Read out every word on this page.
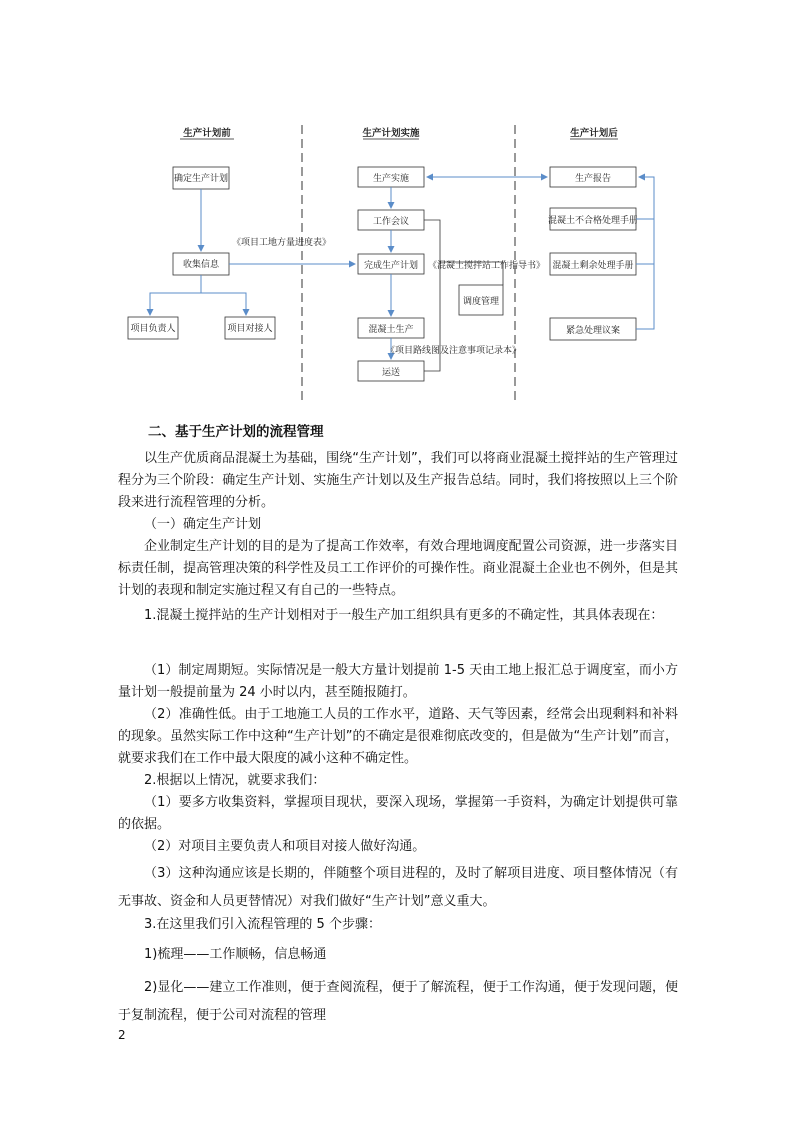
生产计划前	生产计划实施	生产计划后
确定生产计划
收集信息
项目负责人	项目对接人
《项目工地方量进度表》
生产实施
工作会议
完成生产计划
调度管理
混凝土生产
运送
《项目路线图及注意事项记录本》
《混凝土搅拌站工作指导书》
生产报告
混凝土不合格处理手册
混凝土剩余处理手册
紧急处理议案

二、基于生产计划的流程管理

以生产优质商品混凝土为基础，围绕“生产计划”，我们可以将商业混凝土搅拌站的生产管理过程分为三个阶段：确定生产计划、实施生产计划以及生产报告总结。同时，我们将按照以上三个阶段来进行流程管理的分析。

（一）确定生产计划

企业制定生产计划的目的是为了提高工作效率，有效合理地调度配置公司资源，进一步落实目标责任制，提高管理决策的科学性及员工工作评价的可操作性。商业混凝土企业也不例外，但是其计划的表现和制定实施过程又有自己的一些特点。

1.混凝土搅拌站的生产计划相对于一般生产加工组织具有更多的不确定性，其具体表现在：

（1）制定周期短。实际情况是一般大方量计划提前 1-5 天由工地上报汇总于调度室，而小方量计划一般提前量为 24 小时以内，甚至随报随打。

（2）准确性低。由于工地施工人员的工作水平，道路、天气等因素，经常会出现剩料和补料的现象。虽然实际工作中这种“生产计划”的不确定是很难彻底改变的，但是做为“生产计划”而言，就要求我们在工作中最大限度的减小这种不确定性。

2.根据以上情况，就要求我们：

（1）要多方收集资料，掌握项目现状，要深入现场，掌握第一手资料，为确定计划提供可靠的依据。

（2）对项目主要负责人和项目对接人做好沟通。

（3）这种沟通应该是长期的，伴随整个项目进程的，及时了解项目进度、项目整体情况（有无事故、资金和人员更替情况）对我们做好“生产计划”意义重大。

3.在这里我们引入流程管理的 5 个步骤：

1)梳理——工作顺畅，信息畅通

2)显化——建立工作准则，便于查阅流程，便于了解流程，便于工作沟通，便于发现问题，便于复制流程，便于公司对流程的管理

2
